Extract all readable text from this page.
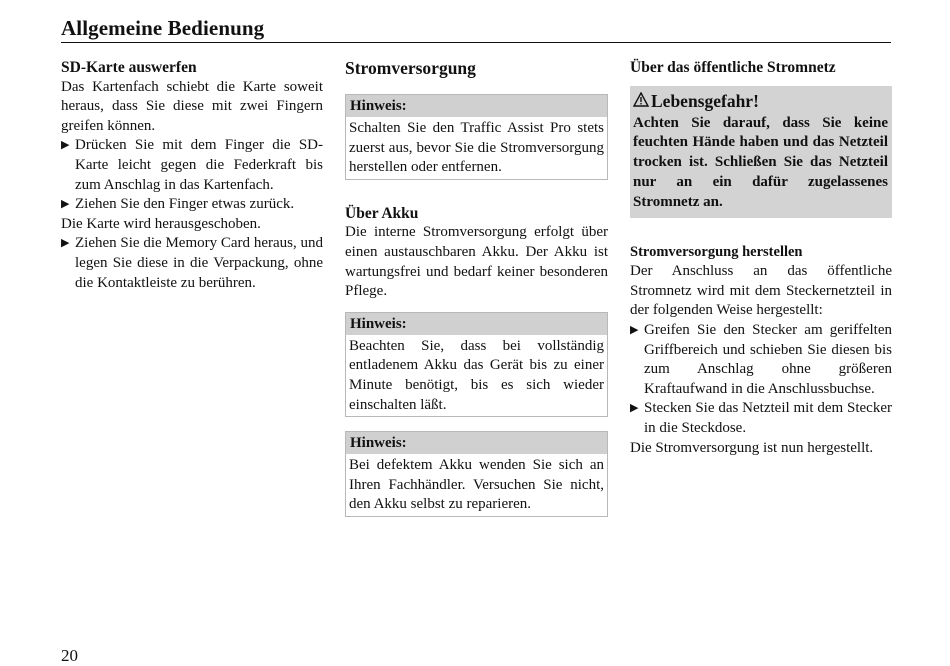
Allgemeine Bedienung
SD-Karte auswerfen

Das Kartenfach schiebt die Karte soweit heraus, dass Sie diese mit zwei Fingern greifen können.

▶ Drücken Sie mit dem Finger die SD-Karte leicht gegen die Federkraft bis zum Anschlag in das Kartenfach.
▶ Ziehen Sie den Finger etwas zurück.

Die Karte wird herausgeschoben.

▶ Ziehen Sie die Memory Card heraus, und legen Sie diese in die Verpackung, ohne die Kontaktleiste zu berühren.
Stromversorgung
Hinweis:
Schalten Sie den Traffic Assist Pro stets zuerst aus, bevor Sie die Stromversorgung herstellen oder entfernen.
Über Akku

Die interne Stromversorgung erfolgt über einen austauschbaren Akku. Der Akku ist wartungsfrei und bedarf keiner besonderen Pflege.

Hinweis:
Beachten Sie, dass bei vollständig entladenem Akku das Gerät bis zu einer Minute benötigt, bis es sich wieder einschalten läßt.
Hinweis:
Bei defektem Akku wenden Sie sich an Ihren Fachhändler. Versuchen Sie nicht, den Akku selbst zu reparieren.
Über das öffentliche Stromnetz
Lebensgefahr!
Achten Sie darauf, dass Sie keine feuchten Hände haben und das Netzteil trocken ist. Schließen Sie das Netzteil nur an ein dafür zugelassenes Stromnetz an.
Stromversorgung herstellen

Der Anschluss an das öffentliche Stromnetz wird mit dem Steckernetzteil in der folgenden Weise hergestellt:

▶ Greifen Sie den Stecker am geriffelten Griffbereich und schieben Sie diesen bis zum Anschlag ohne größeren Kraftaufwand in die Anschlussbuchse.
▶ Stecken Sie das Netzteil mit dem Stecker in die Steckdose.

Die Stromversorgung ist nun hergestellt.

20
